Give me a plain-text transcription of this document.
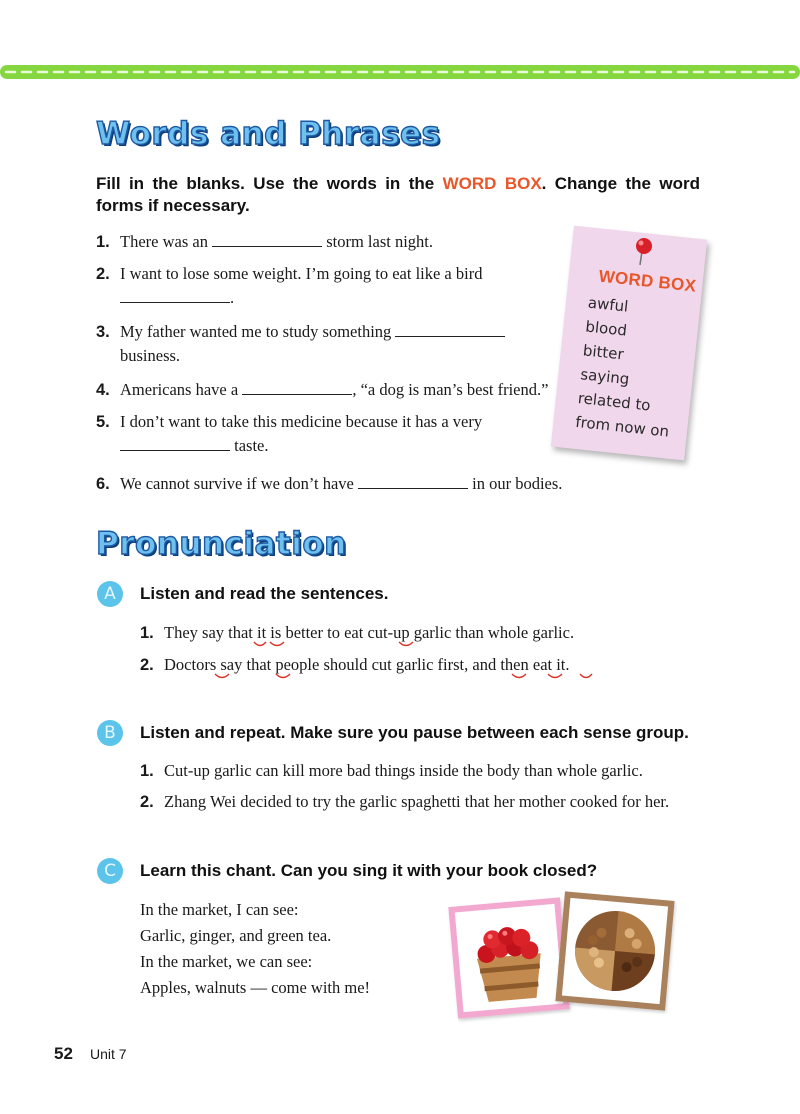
Words and Phrases
Fill in the blanks. Use the words in the WORD BOX. Change the word forms if necessary.
1. There was an	storm last night.
2. I want to lose some weight. I’m going to eat like a bird
.
3. My father wanted me to study something
business.
4. Americans have a	, “a dog is man’s best friend.”
5. I don’t want to take this medicine because it has a very
taste.
6. We cannot survive if we don’t have	in our bodies.
WORD BOX
awful
blood
bitter
saying
related to
from now on
Pronunciation
A	Listen and read the sentences.
1. They say that it is better to eat cut-up garlic than whole garlic.
2. Doctors say that people should cut garlic first, and then eat it.
B	Listen and repeat. Make sure you pause between each sense group.
1. Cut-up garlic can kill more bad things inside the body than whole garlic.
2. Zhang Wei decided to try the garlic spaghetti that her mother cooked for her.
C	Learn this chant. Can you sing it with your book closed?
In the market, I can see:
Garlic, ginger, and green tea.
In the market, we can see:
Apples, walnuts — come with me!
52 Unit 7
